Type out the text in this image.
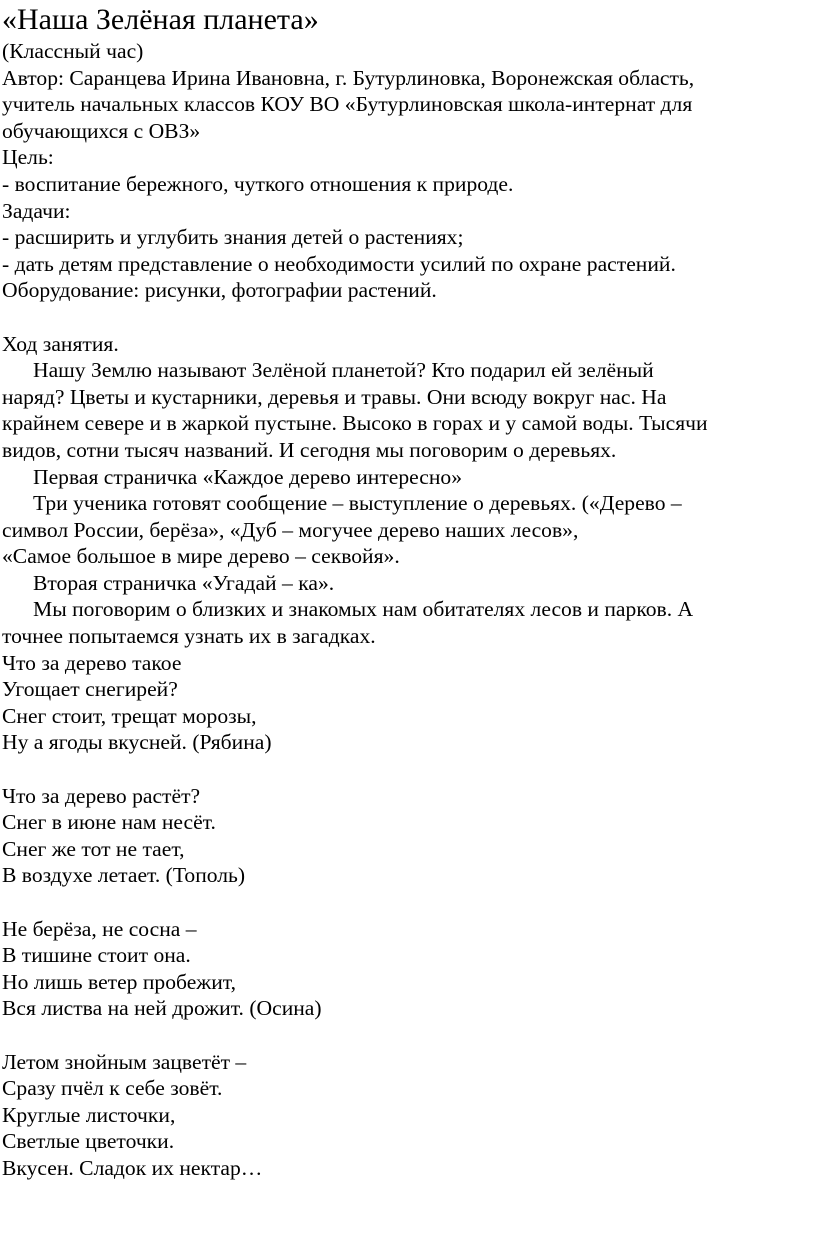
«Наша Зелёная планета»

(Классный час)

Автор: Саранцева Ирина Ивановна, г. Бутурлиновка, Воронежская область,

учитель начальных классов КОУ ВО «Бутурлиновская школа-интернат для

обучающихся с ОВЗ»

Цель:

- воспитание бережного, чуткого отношения к природе.

Задачи:

- расширить и углубить знания детей о растениях;

- дать детям представление о необходимости усилий по охране растений.

Оборудование: рисунки, фотографии растений.

Ход занятия.

Нашу Землю называют Зелёной планетой? Кто подарил ей зелёный

наряд? Цветы и кустарники, деревья и травы. Они всюду вокруг нас. На

крайнем севере и в жаркой пустыне. Высоко в горах и у самой воды. Тысячи

видов, сотни тысяч названий. И сегодня мы поговорим о деревьях.

Первая страничка «Каждое дерево интересно»

Три ученика готовят сообщение – выступление о деревьях. («Дерево –

символ России, берёза», «Дуб – могучее дерево наших лесов»,

«Самое большое в мире дерево – секвойя».

Вторая страничка «Угадай – ка».

Мы поговорим о близких и знакомых нам обитателях лесов и парков. А

точнее попытаемся узнать их в загадках.

Что за дерево такое

Угощает снегирей?

Снег стоит, трещат морозы,

Ну а ягоды вкусней. (Рябина)

Что за дерево растёт?

Снег в июне нам несёт.

Снег же тот не тает,

В воздухе летает. (Тополь)

Не берёза, не сосна –

В тишине стоит она.

Но лишь ветер пробежит,

Вся листва на ней дрожит. (Осина)

Летом знойным зацветёт –

Сразу пчёл к себе зовёт.

Круглые листочки,

Светлые цветочки.

Вкусен. Сладок их нектар…
